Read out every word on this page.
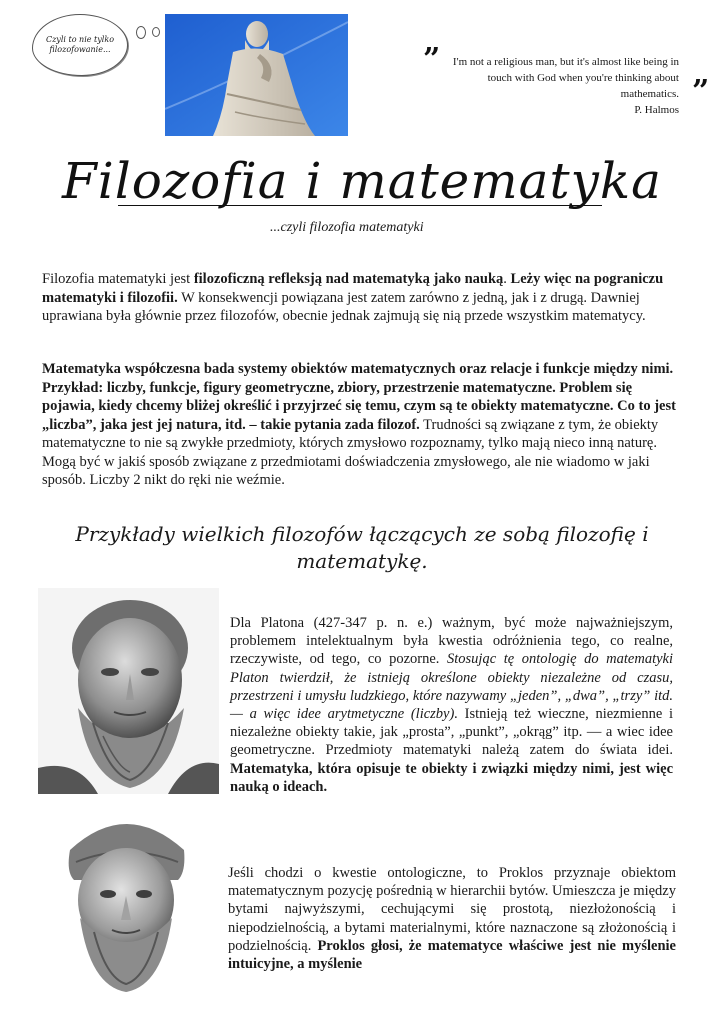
Czyli to nie tylko filozofowanie...	”	I'm not a religious man, but it's almost like being in touch with God when you're thinking about mathematics.
P. Halmos
”
Filozofia i matematyka
...czyli filozofia matematyki
Filozofia matematyki jest filozoficzną refleksją nad matematyką jako nauką. Leży więc na pograniczu matematyki i filozofii. W konsekwencji powiązana jest zatem zarówno z jedną, jak i z drugą. Dawniej uprawiana była głównie przez filozofów, obecnie jednak zajmują się nią przede wszystkim matematycy.
Matematyka współczesna bada systemy obiektów matematycznych oraz relacje i funkcje między nimi. Przykład: liczby, funkcje, figury geometryczne, zbiory, przestrzenie matematyczne. Problem się pojawia, kiedy chcemy bliżej określić i przyjrzeć się temu, czym są te obiekty matematyczne. Co to jest „liczba”, jaka jest jej natura, itd. – takie pytania zada filozof. Trudności są związane z tym, że obiekty matematyczne to nie są zwykłe przedmioty, których zmysłowo rozpoznamy, tylko mają nieco inną naturę. Mogą być w jakiś sposób związane z przedmiotami doświadczenia zmysłowego, ale nie wiadomo w jaki sposób. Liczby 2 nikt do ręki nie weźmie.
Przykłady wielkich filozofów łączących ze sobą filozofię i matematykę.
Dla Platona (427-347 p. n. e.) ważnym, być może najważniejszym, problemem intelektualnym była kwestia odróżnienia tego, co realne, rzeczywiste, od tego, co pozorne. Stosując tę ontologię do matematyki Platon twierdził, że istnieją określone obiekty niezależne od czasu, przestrzeni i umysłu ludzkiego, które nazywamy „jeden”, „dwa”, „trzy” itd. — a więc idee arytmetyczne (liczby). Istnieją też wieczne, niezmienne i niezależne obiekty takie, jak „prosta”, „punkt”, „okrąg” itp. — a wiec idee geometryczne. Przedmioty matematyki należą zatem do świata idei. Matematyka, która opisuje te obiekty i związki między nimi, jest więc nauką o ideach.
Jeśli chodzi o kwestie ontologiczne, to Proklos przyznaje obiektom matematycznym pozycję pośrednią w hierarchii bytów. Umieszcza je między bytami najwyższymi, cechującymi się prostotą, niezłożonością i niepodzielnością, a bytami materialnymi, które naznaczone są złożonością i podzielnością. Proklos głosi, że matematyce właściwe jest nie myślenie intuicyjne, a myślenie
